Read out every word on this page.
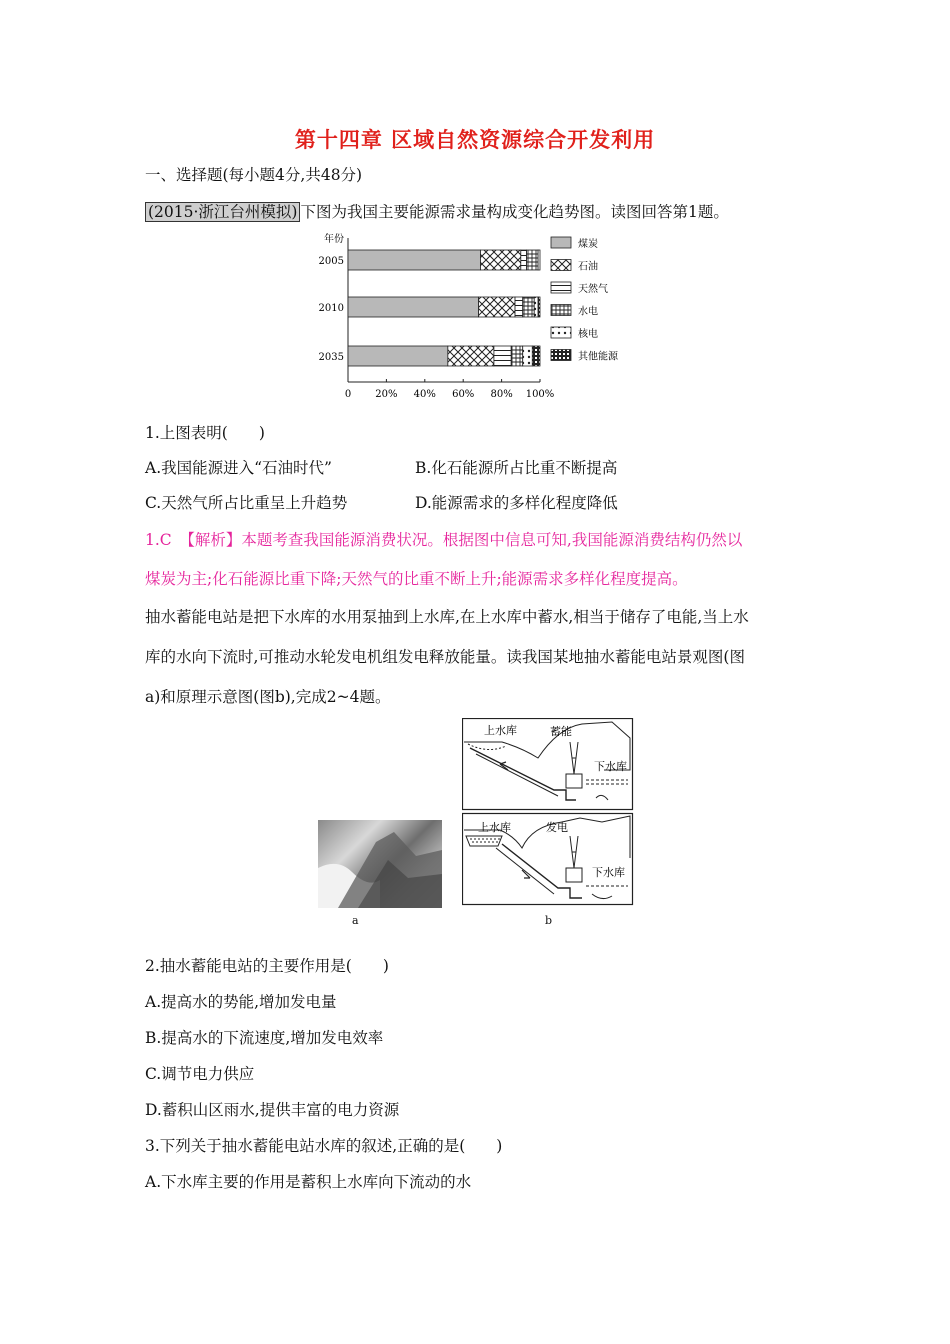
第十四章 区域自然资源综合开发利用
一、选择题(每小题4分,共48分)
(2015·浙江台州模拟) 下图为我国主要能源需求量构成变化趋势图。读图回答第1题。
年份
0 20% 40% 60% 80% 100%
2005
2010
2035
煤炭
石油
天然气
水电
核电
其他能源
1.上图表明(　　)
A.我国能源进入“石油时代”	B.化石能源所占比重不断提高
C.天然气所占比重呈上升趋势	D.能源需求的多样化程度降低
1.C　【解析】本题考查我国能源消费状况。根据图中信息可知,我国能源消费结构仍然以
煤炭为主;化石能源比重下降;天然气的比重不断上升;能源需求多样化程度提高。
抽水蓄能电站是把下水库的水用泵抽到上水库,在上水库中蓄水,相当于储存了电能,当上水
库的水向下流时,可推动水轮发电机组发电释放能量。读我国某地抽水蓄能电站景观图(图
a)和原理示意图(图b),完成2~4题。
a
上水库	蓄能
下水库
上水库	发电
下水库
b
2.抽水蓄能电站的主要作用是(　　)
A.提高水的势能,增加发电量
B.提高水的下流速度,增加发电效率
C.调节电力供应
D.蓄积山区雨水,提供丰富的电力资源
3.下列关于抽水蓄能电站水库的叙述,正确的是(　　)
A.下水库主要的作用是蓄积上水库向下流动的水
